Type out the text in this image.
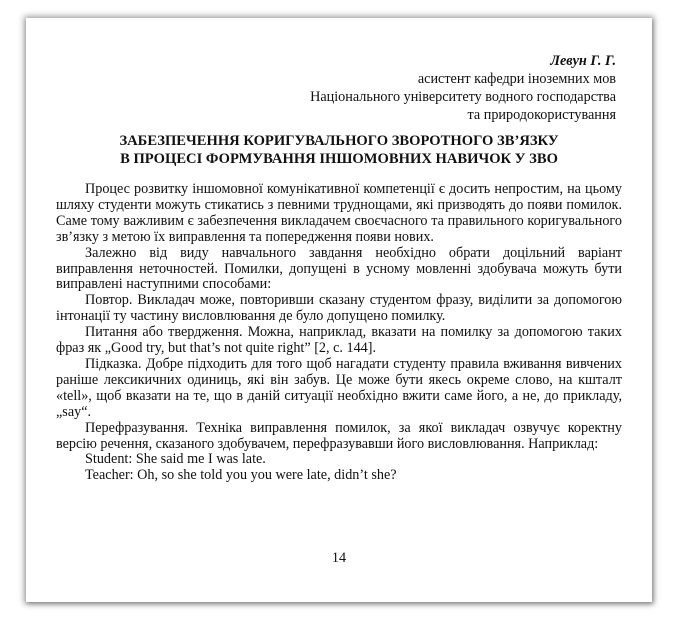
Левун Г. Г.
асистент кафедри іноземних мов
Національного університету водного господарства
та природокористування
ЗАБЕЗПЕЧЕННЯ КОРИГУВАЛЬНОГО ЗВОРОТНОГО ЗВ’ЯЗКУ
В ПРОЦЕСІ ФОРМУВАННЯ ІНШОМОВНИХ НАВИЧОК У ЗВО

Процес розвитку іншомовної комунікативної компетенції є досить непростим, на цьому шляху студенти можуть стикатись з певними труднощами, які призводять до появи помилок. Саме тому важливим є забезпечення викладачем своєчасного та правильного коригувального зв’язку з метою їх виправлення та попередження появи нових.

Залежно від виду навчального завдання необхідно обрати доцільний варіант виправлення неточностей. Помилки, допущені в усному мовленні здобувача можуть бути виправлені наступними способами:

Повтор. Викладач може, повторивши сказану студентом фразу, виділити за допомогою інтонації ту частину висловлювання де було допущено помилку.

Питання або твердження. Можна, наприклад, вказати на помилку за допомогою таких фраз як „Good try, but that’s not quite right” [2, с. 144].

Підказка. Добре підходить для того щоб нагадати студенту правила вживання вивчених раніше лексикичних одиниць, які він забув. Це може бути якесь окреме слово, на кшталт «tell», щоб вказати на те, що в даній ситуації необхідно вжити саме його, а не, до прикладу, „say“.

Перефразування. Техніка виправлення помилок, за якої викладач озвучує коректну версію речення, сказаного здобувачем, перефразувавши його висловлювання. Наприклад:

Student: She said me I was late.

Teacher: Oh, so she told you you were late, didn’t she?

14
